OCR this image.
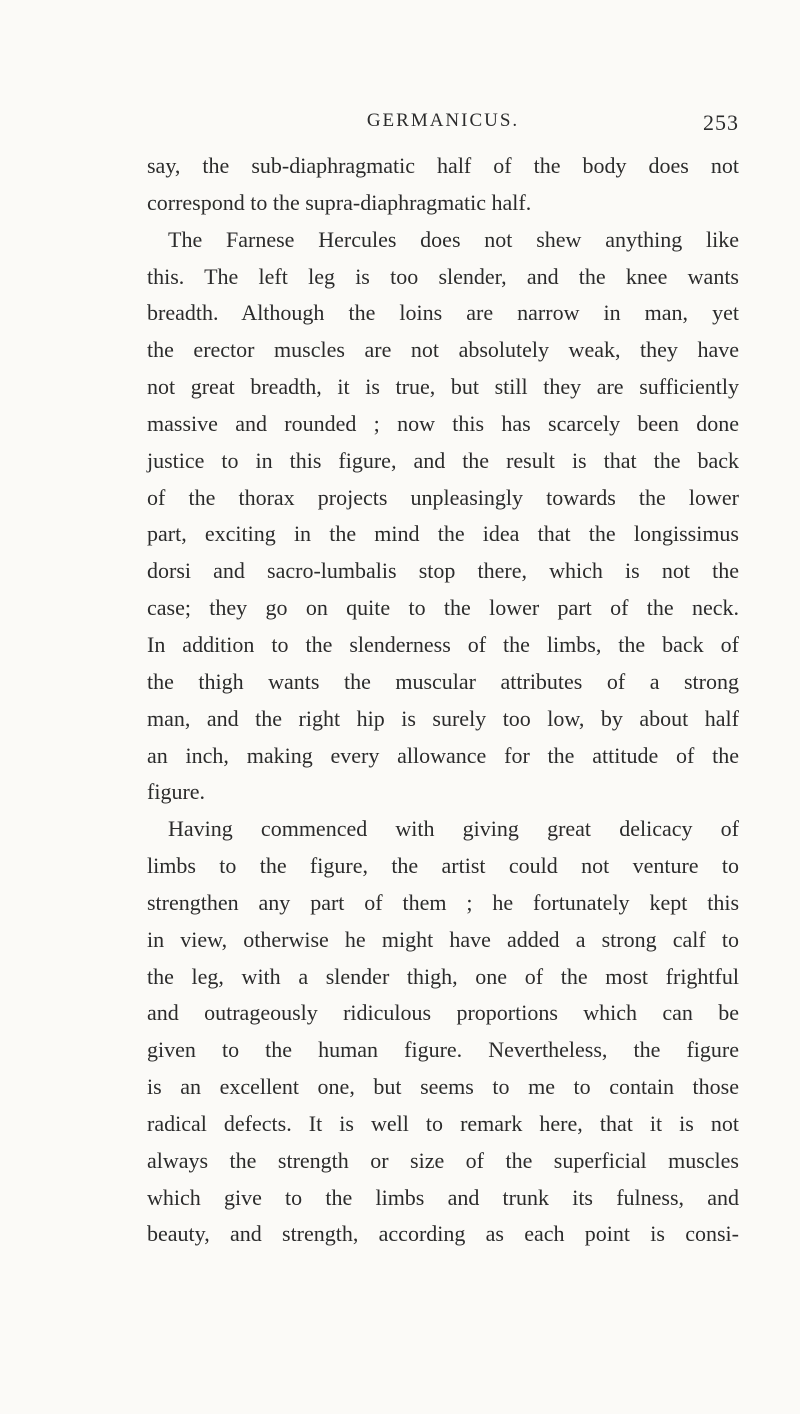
GERMANICUS.	253
say, the sub-diaphragmatic half of the body does not
correspond to the supra-diaphragmatic half.
The Farnese Hercules does not shew anything like
this. The left leg is too slender, and the knee wants
breadth. Although the loins are narrow in man, yet
the erector muscles are not absolutely weak, they have
not great breadth, it is true, but still they are sufficiently
massive and rounded ; now this has scarcely been done
justice to in this figure, and the result is that the back
of the thorax projects unpleasingly towards the lower
part, exciting in the mind the idea that the longissimus
dorsi and sacro-lumbalis stop there, which is not the
case; they go on quite to the lower part of the neck.
In addition to the slenderness of the limbs, the back of
the thigh wants the muscular attributes of a strong
man, and the right hip is surely too low, by about half
an inch, making every allowance for the attitude of the
figure.
Having commenced with giving great delicacy of
limbs to the figure, the artist could not venture to
strengthen any part of them ; he fortunately kept this
in view, otherwise he might have added a strong calf to
the leg, with a slender thigh, one of the most frightful
and outrageously ridiculous proportions which can be
given to the human figure. Nevertheless, the figure
is an excellent one, but seems to me to contain those
radical defects. It is well to remark here, that it is not
always the strength or size of the superficial muscles
which give to the limbs and trunk its fulness, and
beauty, and strength, according as each point is consi-
